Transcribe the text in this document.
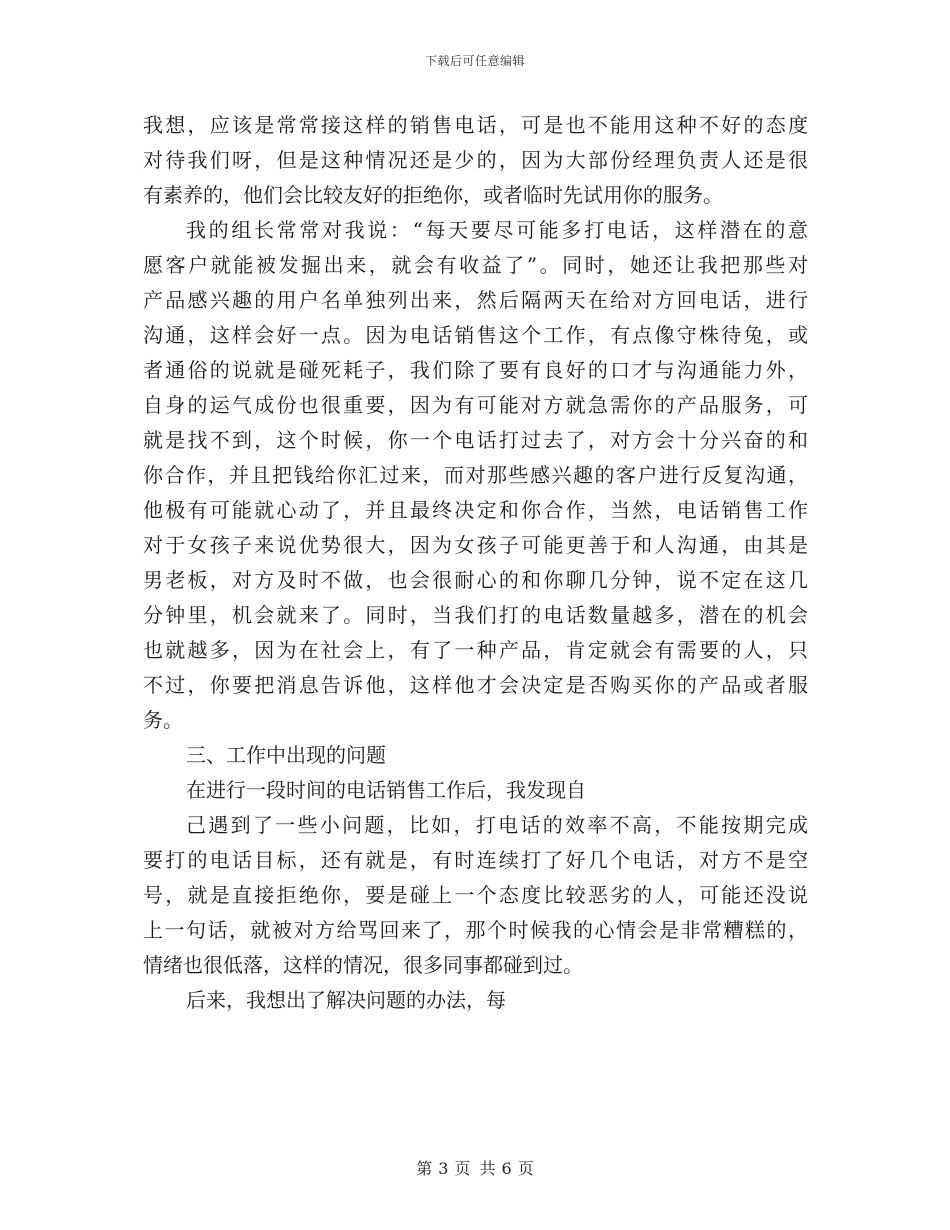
下载后可任意编辑
我想，应该是常常接这样的销售电话，可是也不能用这种不好的态度
对待我们呀，但是这种情况还是少的，因为大部份经理负责人还是很
有素养的，他们会比较友好的拒绝你，或者临时先试用你的服务。
我的组长常常对我说：“每天要尽可能多打电话，这样潜在的意
愿客户就能被发掘出来，就会有收益了”。同时，她还让我把那些对
产品感兴趣的用户名单独列出来，然后隔两天在给对方回电话，进行
沟通，这样会好一点。因为电话销售这个工作，有点像守株待兔，或
者通俗的说就是碰死耗子，我们除了要有良好的口才与沟通能力外，
自身的运气成份也很重要，因为有可能对方就急需你的产品服务，可
就是找不到，这个时候，你一个电话打过去了，对方会十分兴奋的和
你合作，并且把钱给你汇过来，而对那些感兴趣的客户进行反复沟通，
他极有可能就心动了，并且最终决定和你合作，当然，电话销售工作
对于女孩子来说优势很大，因为女孩子可能更善于和人沟通，由其是
男老板，对方及时不做，也会很耐心的和你聊几分钟，说不定在这几
分钟里，机会就来了。同时，当我们打的电话数量越多，潜在的机会
也就越多，因为在社会上，有了一种产品，肯定就会有需要的人，只
不过，你要把消息告诉他，这样他才会决定是否购买你的产品或者服
务。
三、工作中出现的问题
在进行一段时间的电话销售工作后，我发现自
己遇到了一些小问题，比如，打电话的效率不高，不能按期完成
要打的电话目标，还有就是，有时连续打了好几个电话，对方不是空
号，就是直接拒绝你，要是碰上一个态度比较恶劣的人，可能还没说
上一句话，就被对方给骂回来了，那个时候我的心情会是非常糟糕的，
情绪也很低落，这样的情况，很多同事都碰到过。
后来，我想出了解决问题的办法，每
第 3 页 共 6 页
